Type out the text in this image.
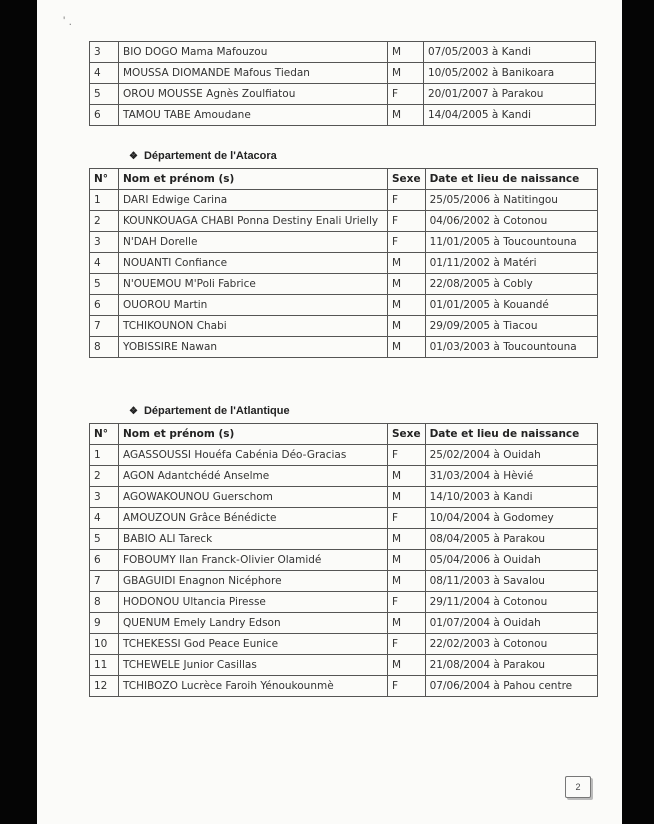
' .
3	BIO DOGO Mama Mafouzou	M	07/05/2003 à Kandi
4	MOUSSA DIOMANDE Mafous Tiedan	M	10/05/2002 à Banikoara
5	OROU MOUSSE Agnès Zoulfiatou	F	20/01/2007 à Parakou
6	TAMOU TABE Amoudane	M	14/04/2005 à Kandi
❖ Département de l'Atacora
N°	Nom et prénom (s)	Sexe	Date et lieu de naissance
1	DARI Edwige Carina	F	25/05/2006 à Natitingou
2	KOUNKOUAGA CHABI Ponna Destiny Enali Urielly	F	04/06/2002 à Cotonou
3	N'DAH Dorelle	F	11/01/2005 à Toucountouna
4	NOUANTI Confiance	M	01/11/2002 à Matéri
5	N'OUEMOU M'Poli Fabrice	M	22/08/2005 à Cobly
6	OUOROU Martin	M	01/01/2005 à Kouandé
7	TCHIKOUNON Chabi	M	29/09/2005 à Tiacou
8	YOBISSIRE Nawan	M	01/03/2003 à Toucountouna
❖ Département de l'Atlantique
N°	Nom et prénom (s)	Sexe	Date et lieu de naissance
1	AGASSOUSSI Houéfa Cabénia Déo-Gracias	F	25/02/2004 à Ouidah
2	AGON Adantchédé Anselme	M	31/03/2004 à Hèvié
3	AGOWAKOUNOU Guerschom	M	14/10/2003 à Kandi
4	AMOUZOUN Grâce Bénédicte	F	10/04/2004 à Godomey
5	BABIO ALI Tareck	M	08/04/2005 à Parakou
6	FOBOUMY Ilan Franck-Olivier Olamidé	M	05/04/2006 à Ouidah
7	GBAGUIDI Enagnon Nicéphore	M	08/11/2003 à Savalou
8	HODONOU Ultancia Piresse	F	29/11/2004 à Cotonou
9	QUENUM Emely Landry Edson	M	01/07/2004 à Ouidah
10	TCHEKESSI God Peace Eunice	F	22/02/2003 à Cotonou
11	TCHEWELE Junior Casillas	M	21/08/2004 à Parakou
12	TCHIBOZO Lucrèce Faroih Yénoukounmè	F	07/06/2004 à Pahou centre
2
